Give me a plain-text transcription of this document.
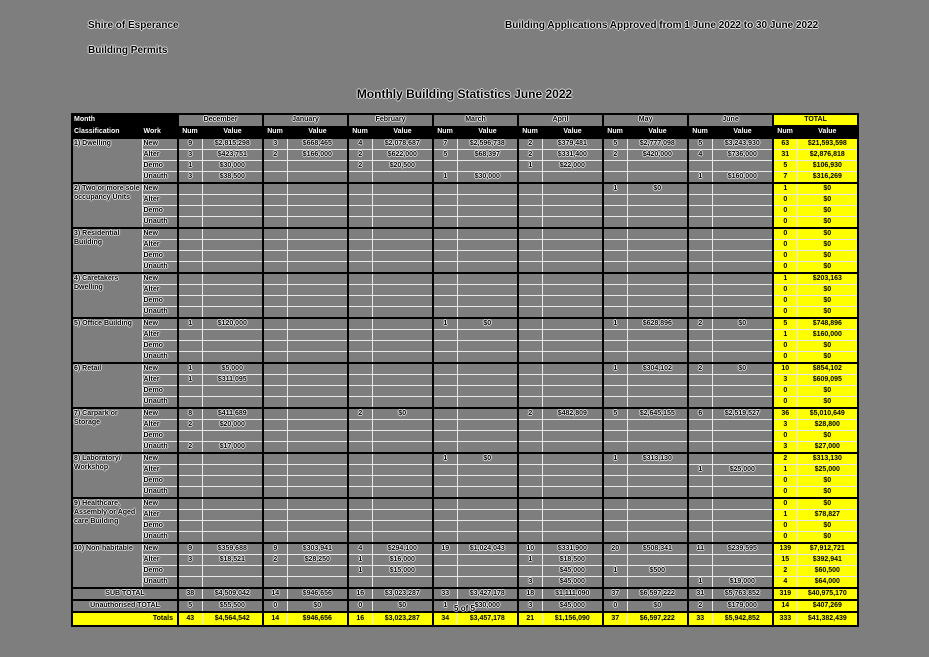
Shire of Esperance
Building Permits
Building Applications Approved from 1 June 2022 to 30 June 2022
Monthly Building Statistics June 2022
Month		December		January		February		March		April		May		June		TOTAL	
Classification	Work	Num	Value	Num	Value	Num	Value	Num	Value	Num	Value	Num	Value	Num	Value	Num	Value
1) Dwelling	New	9	$2,815,298	3	$668,465	4	$2,078,687	7	$2,596,738	2	$379,481	5	$2,777,098	5	$3,243,930	63	$21,593,598
	Alter	3	$423,751	2	$166,000	2	$622,000	5	$68,397	2	$331,400	2	$420,000	4	$736,000	31	$2,876,818
	Demo	1	$30,000			2	$20,500			1	$22,000					5	$106,930
	Unauth	3	$38,500					1	$30,000					1	$160,000	7	$316,269
2) Two or more sole occupancy Units	New											1	$0			1	$0
	Alter															0	$0
	Demo															0	$0
	Unauth															0	$0
3) Residential Building	New															0	$0
	Alter															0	$0
	Demo															0	$0
	Unauth															0	$0
4) Caretakers Dwelling	New															1	$203,163
	Alter															0	$0
	Demo															0	$0
	Unauth															0	$0
5) Office Building	New	1	$120,000					1	$0			1	$628,896	2	$0	5	$748,896
	Alter															1	$160,000
	Demo															0	$0
	Unauth															0	$0
6) Retail	New	1	$5,000									1	$304,102	2	$0	10	$854,102
	Alter	1	$311,095													3	$609,095
	Demo															0	$0
	Unauth															0	$0
7) Carpark or Storage	New	8	$411,689			2	$0			2	$482,809	5	$2,645,155	6	$2,519,527	36	$5,010,649
	Alter	2	$20,000													3	$28,800
	Demo															0	$0
	Unauth	2	$17,000													3	$27,000
8) Laboratory/ Workshop	New							1	$0			1	$313,130			2	$313,130
	Alter													1	$25,000	1	$25,000
	Demo															0	$0
	Unauth															0	$0
9) Healthcare, Assembly or Aged care Building	New															0	$0
	Alter															1	$78,827
	Demo															0	$0
	Unauth															0	$0
10) Non-habitable	New	9	$359,688	9	$303,941	4	$294,100	19	$1,024,043	10	$331,900	20	$508,341	11	$239,595	139	$7,912,721
	Alter	3	$18,521	2	$28,250	1	$16,000			1	$18,500					15	$392,941
	Demo					1	$15,000				$45,000	1	$500			2	$60,500
	Unauth									3	$45,000			1	$19,000	4	$64,000
SUB TOTAL		38	$4,509,042	14	$946,656	16	$3,023,287	33	$3,427,178	18	$1,111,090	37	$6,597,222	31	$5,763,852	319	$40,975,170
Unauthorised TOTAL		5	$55,500	0	$0	0	$0	1	$30,000	3	$45,000	0	$0	2	$179,000	14	$407,269
Totals		43	$4,564,542	14	$946,656	16	$3,023,287	34	$3,457,178	21	$1,156,090	37	$6,597,222	33	$5,942,852	333	$41,382,439
5 of 5
